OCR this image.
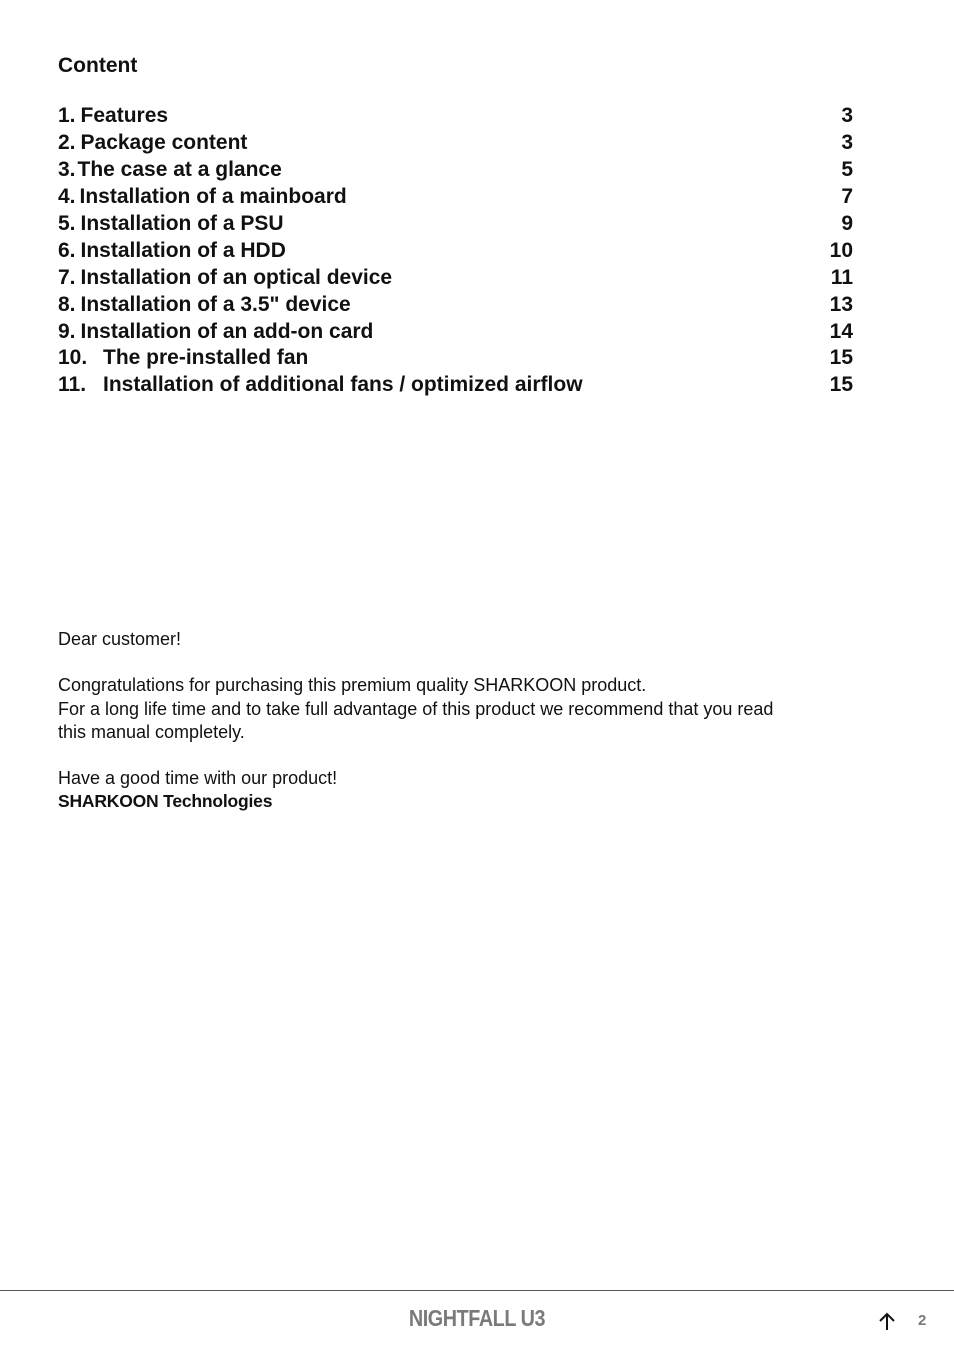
Content
1. Features	3
2. Package content	3
3. The case at a glance	5
4. Installation of a mainboard	7
5. Installation of a PSU	9
6. Installation of a HDD	10
7. Installation of an optical device	11
8. Installation of a 3.5" device	13
9. Installation of an add-on card	14
10. The pre-installed fan	15
11. Installation of additional fans / optimized airflow	15

Dear customer!

Congratulations for purchasing this premium quality SHARKOON product.

For a long life time and to take full advantage of this product we recommend that you read

this manual completely.

Have a good time with our product!

SHARKOON Technologies

NIGHTFALL U3	2
